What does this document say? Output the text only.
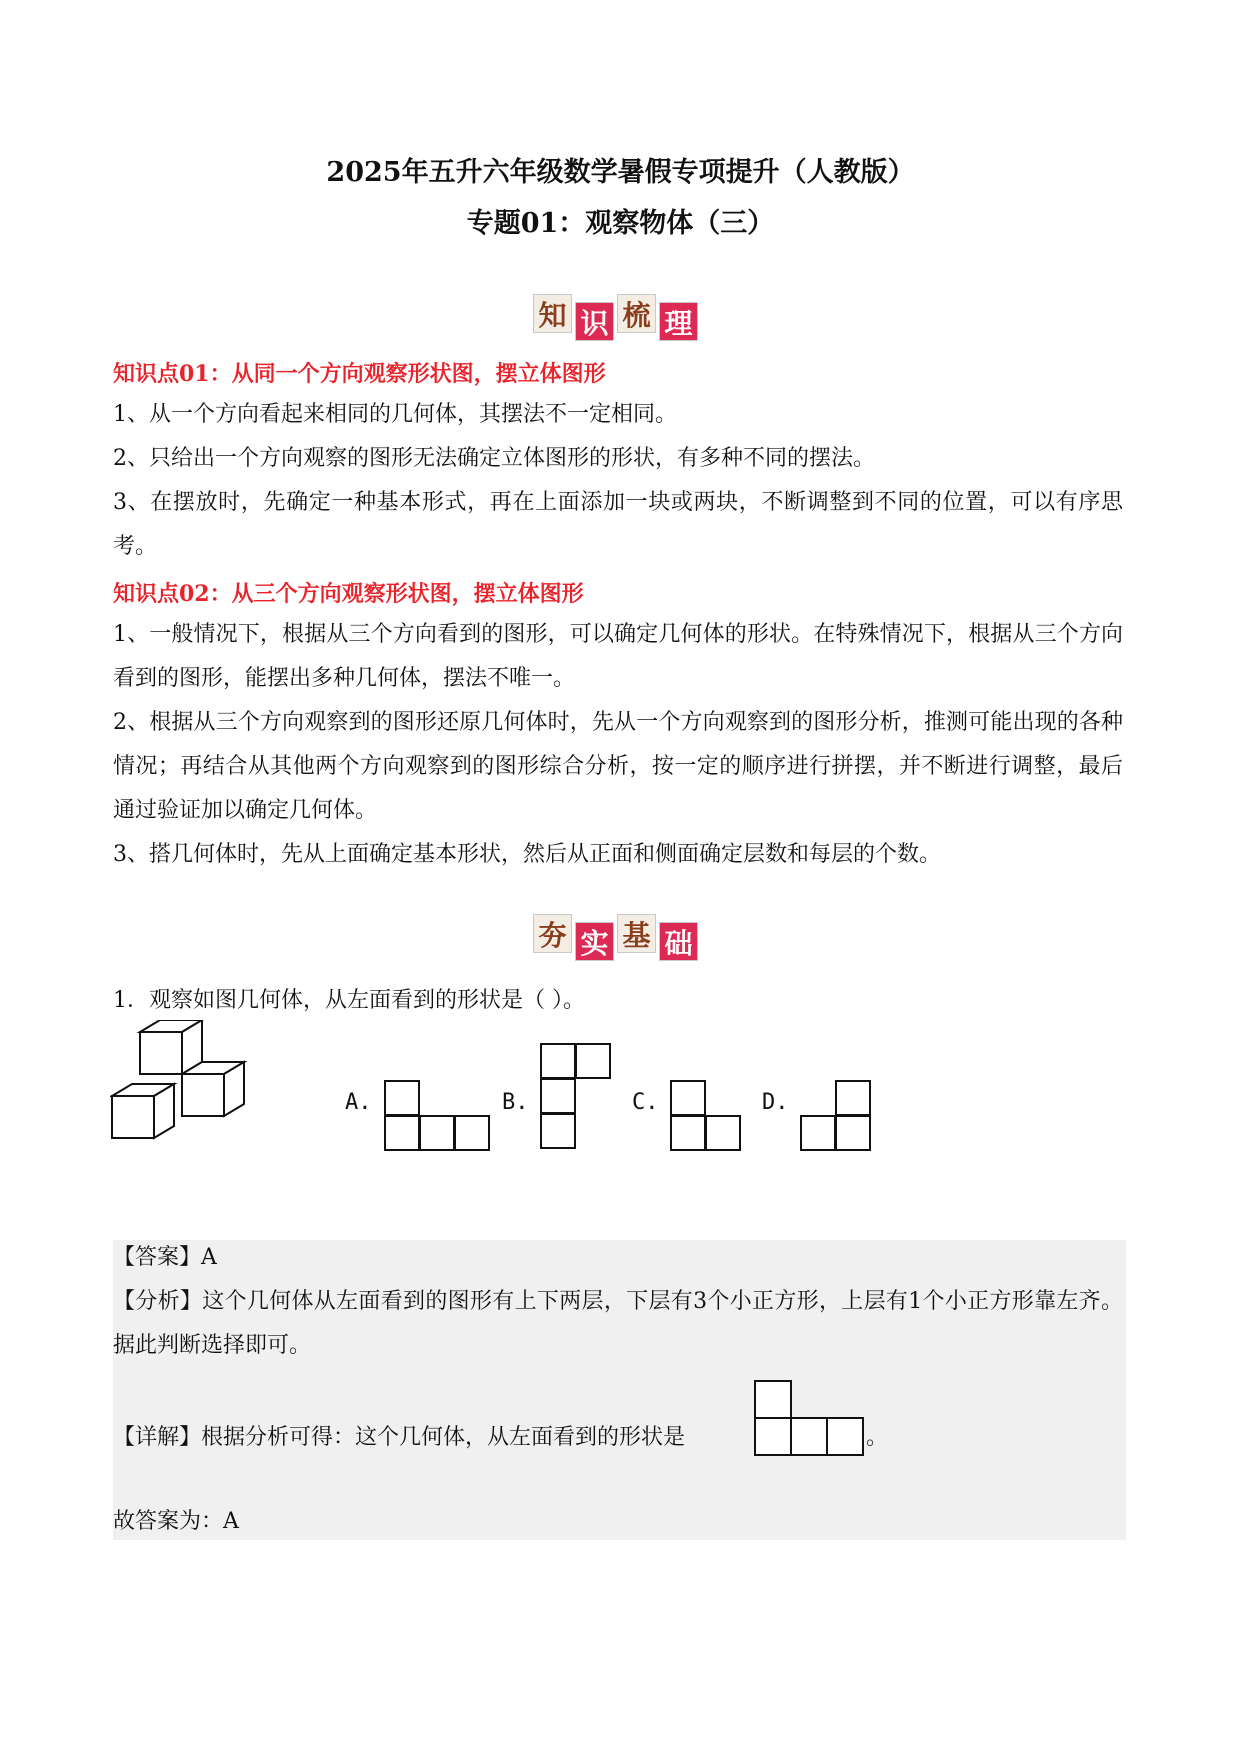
2025年五升六年级数学暑假专项提升（人教版）
专题01：观察物体（三）
知 识 梳 理
知识点01：从同一个方向观察形状图，摆立体图形
1、从一个方向看起来相同的几何体，其摆法不一定相同。
2、只给出一个方向观察的图形无法确定立体图形的形状，有多种不同的摆法。
3、在摆放时，先确定一种基本形式，再在上面添加一块或两块，不断调整到不同的位置，可以有序思考。
知识点02：从三个方向观察形状图，摆立体图形
1、一般情况下，根据从三个方向看到的图形，可以确定几何体的形状。在特殊情况下，根据从三个方向看到的图形，能摆出多种几何体，摆法不唯一。
2、根据从三个方向观察到的图形还原几何体时，先从一个方向观察到的图形分析，推测可能出现的各种情况；再结合从其他两个方向观察到的图形综合分析，按一定的顺序进行拼摆，并不断进行调整，最后通过验证加以确定几何体。
3、搭几何体时，先从上面确定基本形状，然后从正面和侧面确定层数和每层的个数。
夯 实 基 础
1．观察如图几何体，从左面看到的形状是（ ）。
A.	B.	C.	D.
【答案】A
【分析】这个几何体从左面看到的图形有上下两层，下层有3个小正方形，上层有1个小正方形靠左齐。据此判断选择即可。
【详解】根据分析可得：这个几何体，从左面看到的形状是	。
故答案为：A
